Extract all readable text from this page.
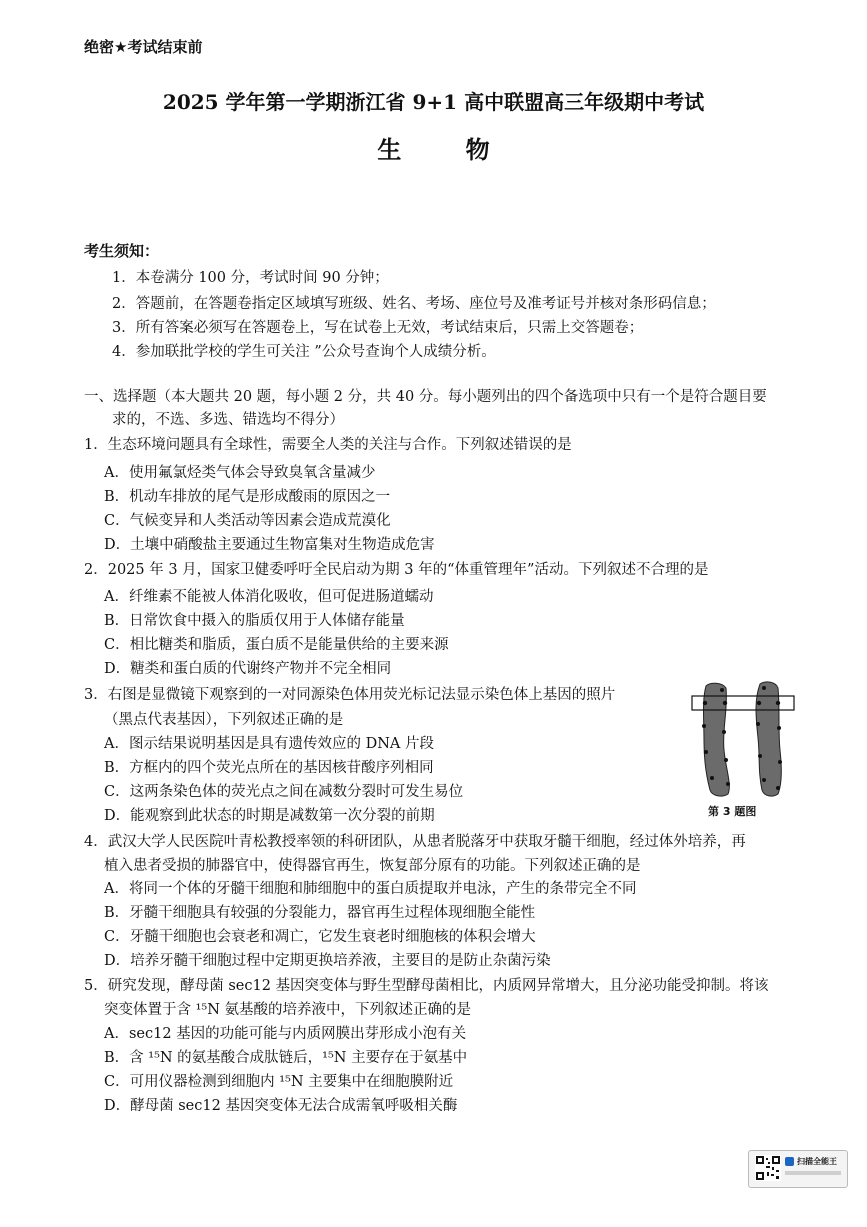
绝密★考试结束前
2025 学年第一学期浙江省 9+1 高中联盟高三年级期中考试
生 物
考生须知：
1．本卷满分 100 分，考试时间 90 分钟；
2．答题前，在答题卷指定区域填写班级、姓名、考场、座位号及准考证号并核对条形码信息；
3．所有答案必须写在答题卷上，写在试卷上无效，考试结束后，只需上交答题卷；
4．参加联批学校的学生可关注 ”公众号查询个人成绩分析。
一、选择题（本大题共 20 题，每小题 2 分，共 40 分。每小题列出的四个备选项中只有一个是符合题目要
求的，不选、多选、错选均不得分）
1．生态环境问题具有全球性，需要全人类的关注与合作。下列叙述错误的是
A．使用氟氯烃类气体会导致臭氧含量减少
B．机动车排放的尾气是形成酸雨的原因之一
C．气候变异和人类活动等因素会造成荒漠化
D．土壤中硝酸盐主要通过生物富集对生物造成危害
2．2025 年 3 月，国家卫健委呼吁全民启动为期 3 年的“体重管理年”活动。下列叙述不合理的是
A．纤维素不能被人体消化吸收，但可促进肠道蠕动
B．日常饮食中摄入的脂质仅用于人体储存能量
C．相比糖类和脂质，蛋白质不是能量供给的主要来源
D．糖类和蛋白质的代谢终产物并不完全相同
3．右图是显微镜下观察到的一对同源染色体用荧光标记法显示染色体上基因的照片
（黑点代表基因），下列叙述正确的是
A．图示结果说明基因是具有遗传效应的 DNA 片段
B．方框内的四个荧光点所在的基因核苷酸序列相同
C．这两条染色体的荧光点之间在减数分裂时可发生易位
D．能观察到此状态的时期是减数第一次分裂的前期	第 3 题图
4．武汉大学人民医院叶青松教授率领的科研团队，从患者脱落牙中获取牙髓干细胞，经过体外培养，再
植入患者受损的肺器官中，使得器官再生，恢复部分原有的功能。下列叙述正确的是
A．将同一个体的牙髓干细胞和肺细胞中的蛋白质提取并电泳，产生的条带完全不同
B．牙髓干细胞具有较强的分裂能力，器官再生过程体现细胞全能性
C．牙髓干细胞也会衰老和凋亡，它发生衰老时细胞核的体积会增大
D．培养牙髓干细胞过程中定期更换培养液，主要目的是防止杂菌污染
5．研究发现，酵母菌 sec12 基因突变体与野生型酵母菌相比，内质网异常增大，且分泌功能受抑制。将该
突变体置于含 ¹⁵N 氨基酸的培养液中，下列叙述正确的是
A．sec12 基因的功能可能与内质网膜出芽形成小泡有关
B．含 ¹⁵N 的氨基酸合成肽链后，¹⁵N 主要存在于氨基中
C．可用仪器检测到细胞内 ¹⁵N 主要集中在细胞膜附近
D．酵母菌 sec12 基因突变体无法合成需氧呼吸相关酶
扫描全能王
